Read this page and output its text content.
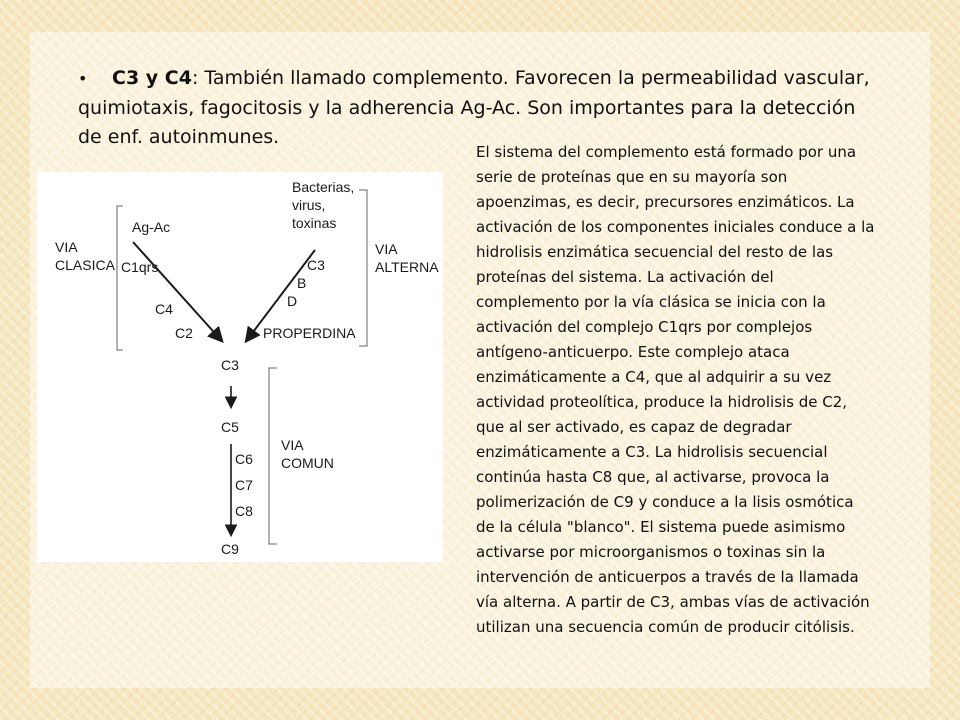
•	C3 y C4: También llamado complemento. Favorecen la permeabilidad vascular,
quimiotaxis, fagocitosis y la adherencia Ag-Ac. Son importantes para la detección
de enf. autoinmunes.
VIA
CLASICA
Ag-Ac
C1qrs
C4
C2
Bacterias,
virus,
toxinas
C3
B
D
PROPERDINA
VIA
ALTERNA
C3
C5
C6
C7
C8
C9
VIA
COMUN
El sistema del complemento está formado por una
serie de proteínas que en su mayoría son
apoenzimas, es decir, precursores enzimáticos. La
activación de los componentes iniciales conduce a la
hidrolisis enzimática secuencial del resto de las
proteínas del sistema. La activación del
complemento por la vía clásica se inicia con la
activación del complejo C1qrs por complejos
antígeno-anticuerpo. Este complejo ataca
enzimáticamente a C4, que al adquirir a su vez
actividad proteolítica, produce la hidrolisis de C2,
que al ser activado, es capaz de degradar
enzimáticamente a C3. La hidrolisis secuencial
continúa hasta C8 que, al activarse, provoca la
polimerización de C9 y conduce a la lisis osmótica
de la célula "blanco". El sistema puede asimismo
activarse por microorganismos o toxinas sin la
intervención de anticuerpos a través de la llamada
vía alterna. A partir de C3, ambas vías de activación
utilizan una secuencia común de producir citólisis.
